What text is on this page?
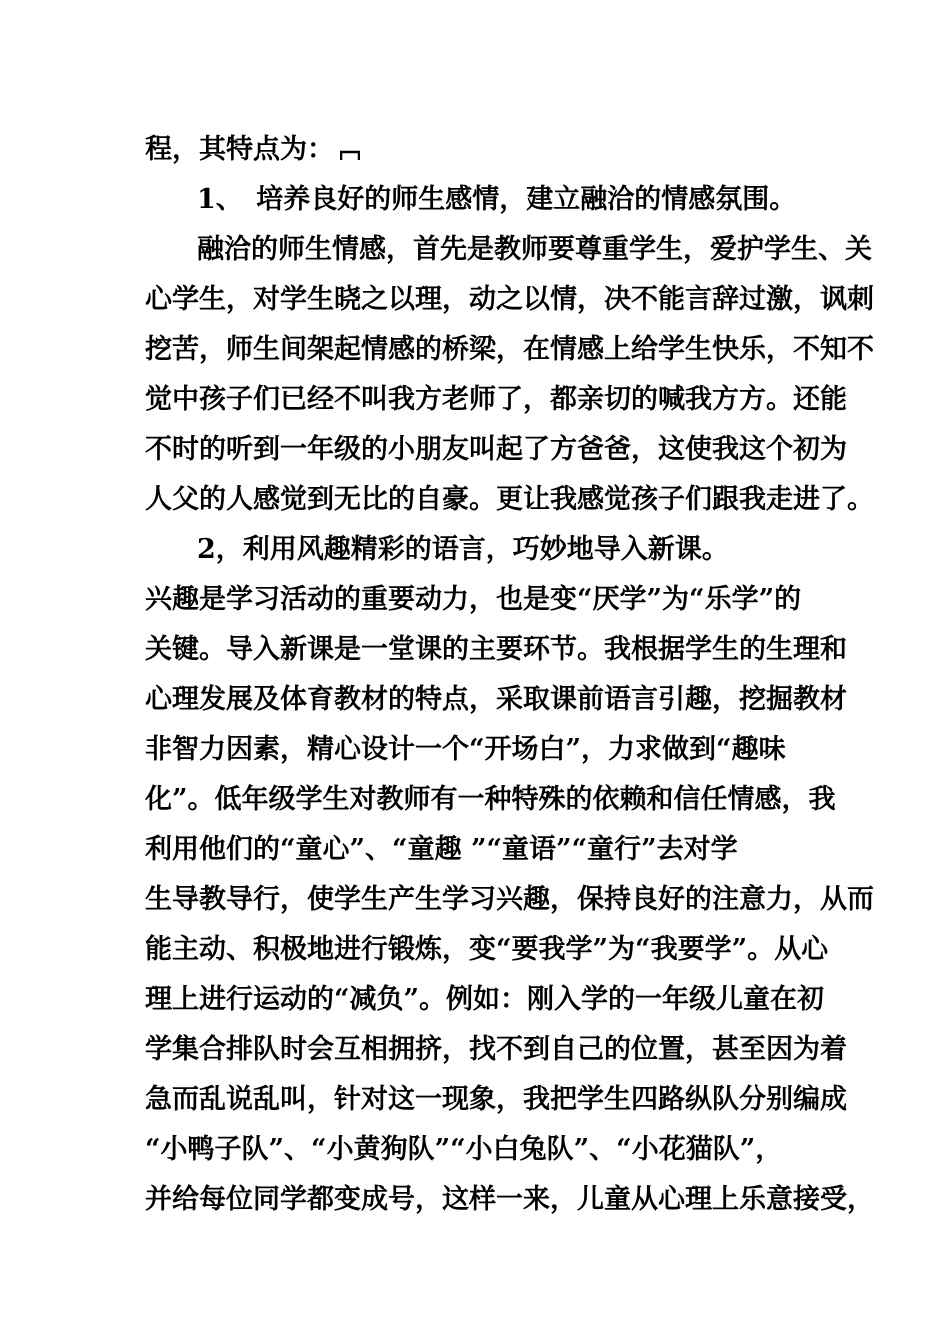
程，其特点为：
1、　培养良好的师生感情，建立融洽的情感氛围。
融洽的师生情感，首先是教师要尊重学生，爱护学生、关
心学生，对学生晓之以理，动之以情，决不能言辞过激，讽刺
挖苦，师生间架起情感的桥梁，在情感上给学生快乐，不知不
觉中孩子们已经不叫我方老师了，都亲切的喊我方方。还能
不时的听到一年级的小朋友叫起了方爸爸，这使我这个初为
人父的人感觉到无比的自豪。更让我感觉孩子们跟我走进了。
2，利用风趣精彩的语言，巧妙地导入新课。
兴趣是学习活动的重要动力，也是变“厌学”为“乐学”的
关键。导入新课是一堂课的主要环节。我根据学生的生理和
心理发展及体育教材的特点，采取课前语言引趣，挖掘教材
非智力因素，精心设计一个“开场白”，力求做到“趣味
化”。低年级学生对教师有一种特殊的依赖和信任情感，我
利用他们的“童心”、“童趣 ”“童语”“童行”去对学
生导教导行，使学生产生学习兴趣，保持良好的注意力，从而
能主动、积极地进行锻炼，变“要我学”为“我要学”。从心
理上进行运动的“减负”。例如：刚入学的一年级儿童在初
学集合排队时会互相拥挤，找不到自己的位置，甚至因为着
急而乱说乱叫，针对这一现象，我把学生四路纵队分别编成
“小鸭子队”、“小黄狗队”“小白兔队”、“小花猫队”，
并给每位同学都变成号，这样一来，儿童从心理上乐意接受，
